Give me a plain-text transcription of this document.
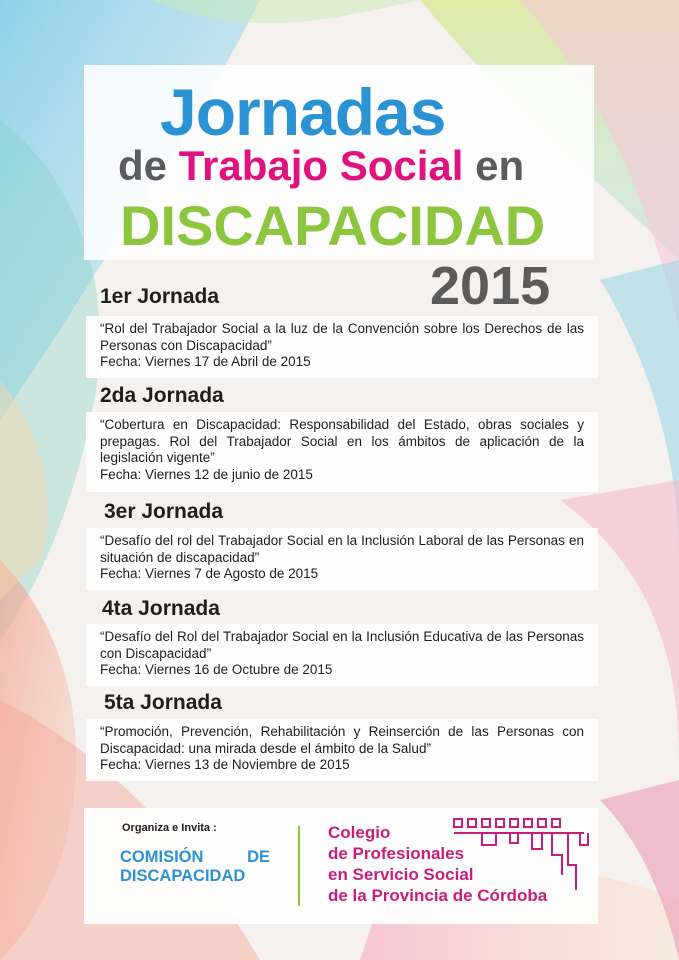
Jornadas
de Trabajo Social en
DISCAPACIDAD
2015
1er Jornada
“Rol del Trabajador Social a la luz de la Convención sobre los Derechos de las Personas con Discapacidad”
Fecha: Viernes 17 de Abril de 2015
2da Jornada
“Cobertura en Discapacidad: Responsabilidad del Estado, obras sociales y prepagas. Rol del Trabajador Social en los ámbitos de aplicación de la legislación vigente”
Fecha: Viernes 12 de junio de 2015
3er Jornada
“Desafío del rol del Trabajador Social en la Inclusión Laboral de las Personas en situación de discapacidad”
Fecha: Viernes 7 de Agosto de 2015
4ta Jornada
“Desafío del Rol del Trabajador Social en la Inclusión Educativa de las Personas con Discapacidad”
Fecha: Viernes 16 de Octubre de 2015
5ta Jornada
“Promoción, Prevención, Rehabilitación y Reinserción de las Personas con Discapacidad: una mirada desde el ámbito de la Salud”
Fecha: Viernes 13 de Noviembre de 2015
Organiza e Invita :
COMISIÓN DE DISCAPACIDAD
Colegio
de Profesionales
en Servicio Social
de la Provincia de Córdoba
